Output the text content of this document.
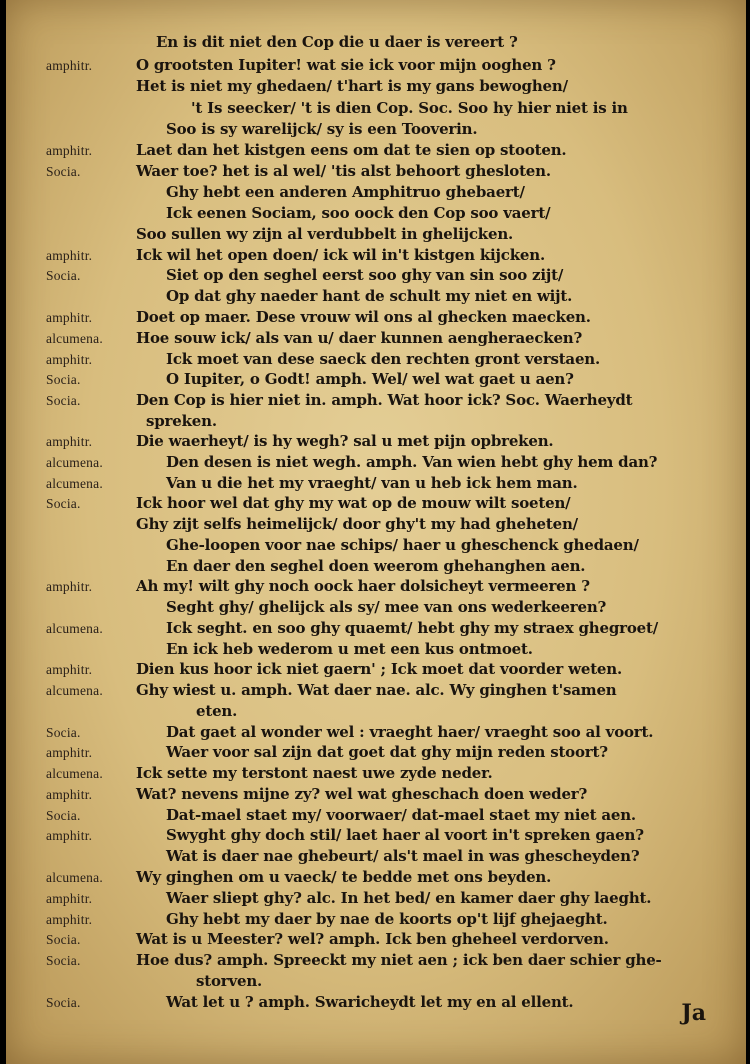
En is dit niet den Cop die u daer is vereert ?
amphitr.	O grootsten Iupiter! wat sie ick voor mijn ooghen ?
Het is niet my ghedaen/ t'hart is my gans bewoghen/
't Is seecker/ 't is dien Cop. Soc. Soo hy hier niet is in
Soo is sy warelijck/ sy is een Tooverin.
amphitr.	Laet dan het kistgen eens om dat te sien op stooten.
Socia.	Waer toe? het is al wel/ 'tis alst behoort ghesloten.
Ghy hebt een anderen Amphitruo ghebaert/
Ick eenen Sociam, soo oock den Cop soo vaert/
Soo sullen wy zijn al verdubbelt in ghelijcken.
amphitr.	Ick wil het open doen/ ick wil in't kistgen kijcken.
Socia.	Siet op den seghel eerst soo ghy van sin soo zijt/
Op dat ghy naeder hant de schult my niet en wijt.
amphitr.	Doet op maer. Dese vrouw wil ons al ghecken maecken.
alcumena. Hoe souw ick/ als van u/ daer kunnen aengheraecken?
amphitr.	Ick moet van dese saeck den rechten gront verstaen.
Socia.	O Iupiter, o Godt! amph. Wel/ wel wat gaet u aen?
Socia.	Den Cop is hier niet in. amph. Wat hoor ick? Soc. Waerheydt
spreken.
amphitr.	Die waerheyt/ is hy wegh? sal u met pijn opbreken.
alcumena.	Den desen is niet wegh. amph. Van wien hebt ghy hem dan?
alcumena.	Van u die het my vraeght/ van u heb ick hem man.
Socia.	Ick hoor wel dat ghy my wat op de mouw wilt soeten/
Ghy zijt selfs heimelijck/ door ghy't my had gheheten/
Ghe-loopen voor nae schips/ haer u gheschenck ghedaen/
En daer den seghel doen weerom ghehanghen aen.
amphitr.	Ah my! wilt ghy noch oock haer dolsicheyt vermeeren ?
Seght ghy/ ghelijck als sy/ mee van ons wederkeeren?
alcumena.	Ick seght. en soo ghy quaemt/ hebt ghy my straex ghegroet/
En ick heb wederom u met een kus ontmoet.
amphitr.	Dien kus hoor ick niet gaern' ; Ick moet dat voorder weten.
alcumena. Ghy wiest u. amph. Wat daer nae. alc. Wy ginghen t'samen
eten.
Socia.	Dat gaet al wonder wel : vraeght haer/ vraeght soo al voort.
amphitr.	Waer voor sal zijn dat goet dat ghy mijn reden stoort?
alcumena. Ick sette my terstont naest uwe zyde neder.
amphitr.	Wat? nevens mijne zy? wel wat gheschach doen weder?
Socia.	Dat-mael staet my/ voorwaer/ dat-mael staet my niet aen.
amphitr.	Swyght ghy doch stil/ laet haer al voort in't spreken gaen?
Wat is daer nae ghebeurt/ als't mael in was ghescheyden?
alcumena. Wy ginghen om u vaeck/ te bedde met ons beyden.
amphitr.	Waer sliept ghy? alc. In het bed/ en kamer daer ghy laeght.
amphitr.	Ghy hebt my daer by nae de koorts op't lijf ghejaeght.
Socia.	Wat is u Meester? wel? amph. Ick ben gheheel verdorven.
Socia.	Hoe dus? amph. Spreeckt my niet aen ; ick ben daer schier ghe-
storven.
Socia.	Wat let u ? amph. Swaricheydt let my en al ellent.	Ja
